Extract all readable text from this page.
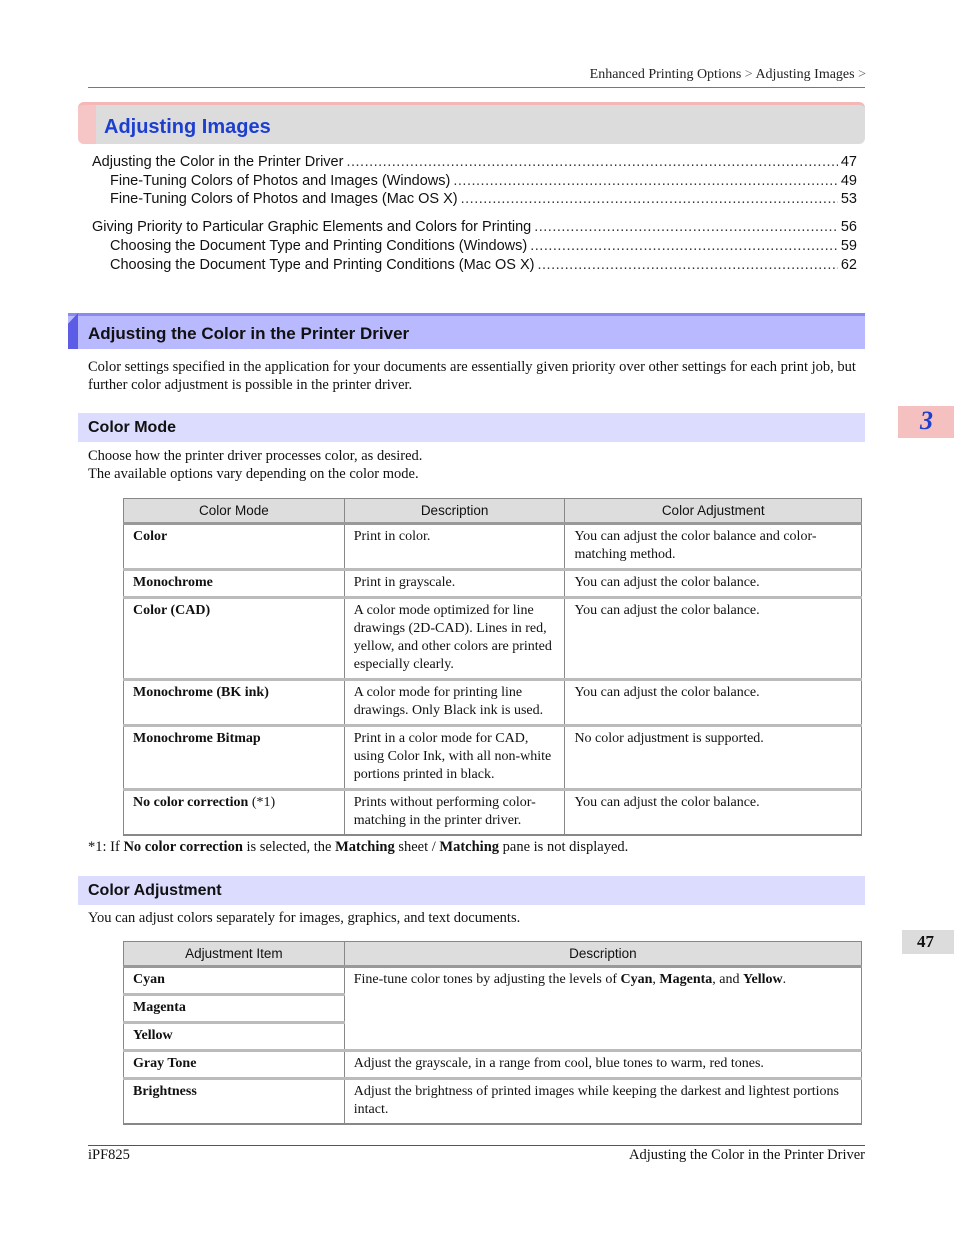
Enhanced Printing Options > Adjusting Images >
Adjusting Images
Adjusting the Color in the Printer Driver .....	47
Fine-Tuning Colors of Photos and Images (Windows) .....	49
Fine-Tuning Colors of Photos and Images (Mac OS X) .....	53
Giving Priority to Particular Graphic Elements and Colors for Printing .....	56
Choosing the Document Type and Printing Conditions (Windows) .....	59
Choosing the Document Type and Printing Conditions (Mac OS X) .....	62
Adjusting the Color in the Printer Driver
Color settings specified in the application for your documents are essentially given priority over other settings for each print job, but further color adjustment is possible in the printer driver.
Color Mode
Choose how the printer driver processes color, as desired.
The available options vary depending on the color mode.
Color Mode	Description	Color Adjustment
Color	Print in color.	You can adjust the color balance and color-matching method.
Monochrome	Print in grayscale.	You can adjust the color balance.
Color (CAD)	A color mode optimized for line drawings (2D-CAD). Lines in red, yellow, and other colors are printed especially clearly.	You can adjust the color balance.
Monochrome (BK ink)	A color mode for printing line drawings. Only Black ink is used.	You can adjust the color balance.
Monochrome Bitmap	Print in a color mode for CAD, using Color Ink, with all non-white portions printed in black.	No color adjustment is supported.
No color correction (*1)	Prints without performing color-matching in the printer driver.	You can adjust the color balance.
*1: If No color correction is selected, the Matching sheet / Matching pane is not displayed.
Color Adjustment
You can adjust colors separately for images, graphics, and text documents.
Adjustment Item	Description
Cyan	Fine-tune color tones by adjusting the levels of Cyan, Magenta, and Yellow.
Magenta	
Yellow	
Gray Tone	Adjust the grayscale, in a range from cool, blue tones to warm, red tones.
Brightness	Adjust the brightness of printed images while keeping the darkest and lightest portions intact.
3
47
iPF825	Adjusting the Color in the Printer Driver
